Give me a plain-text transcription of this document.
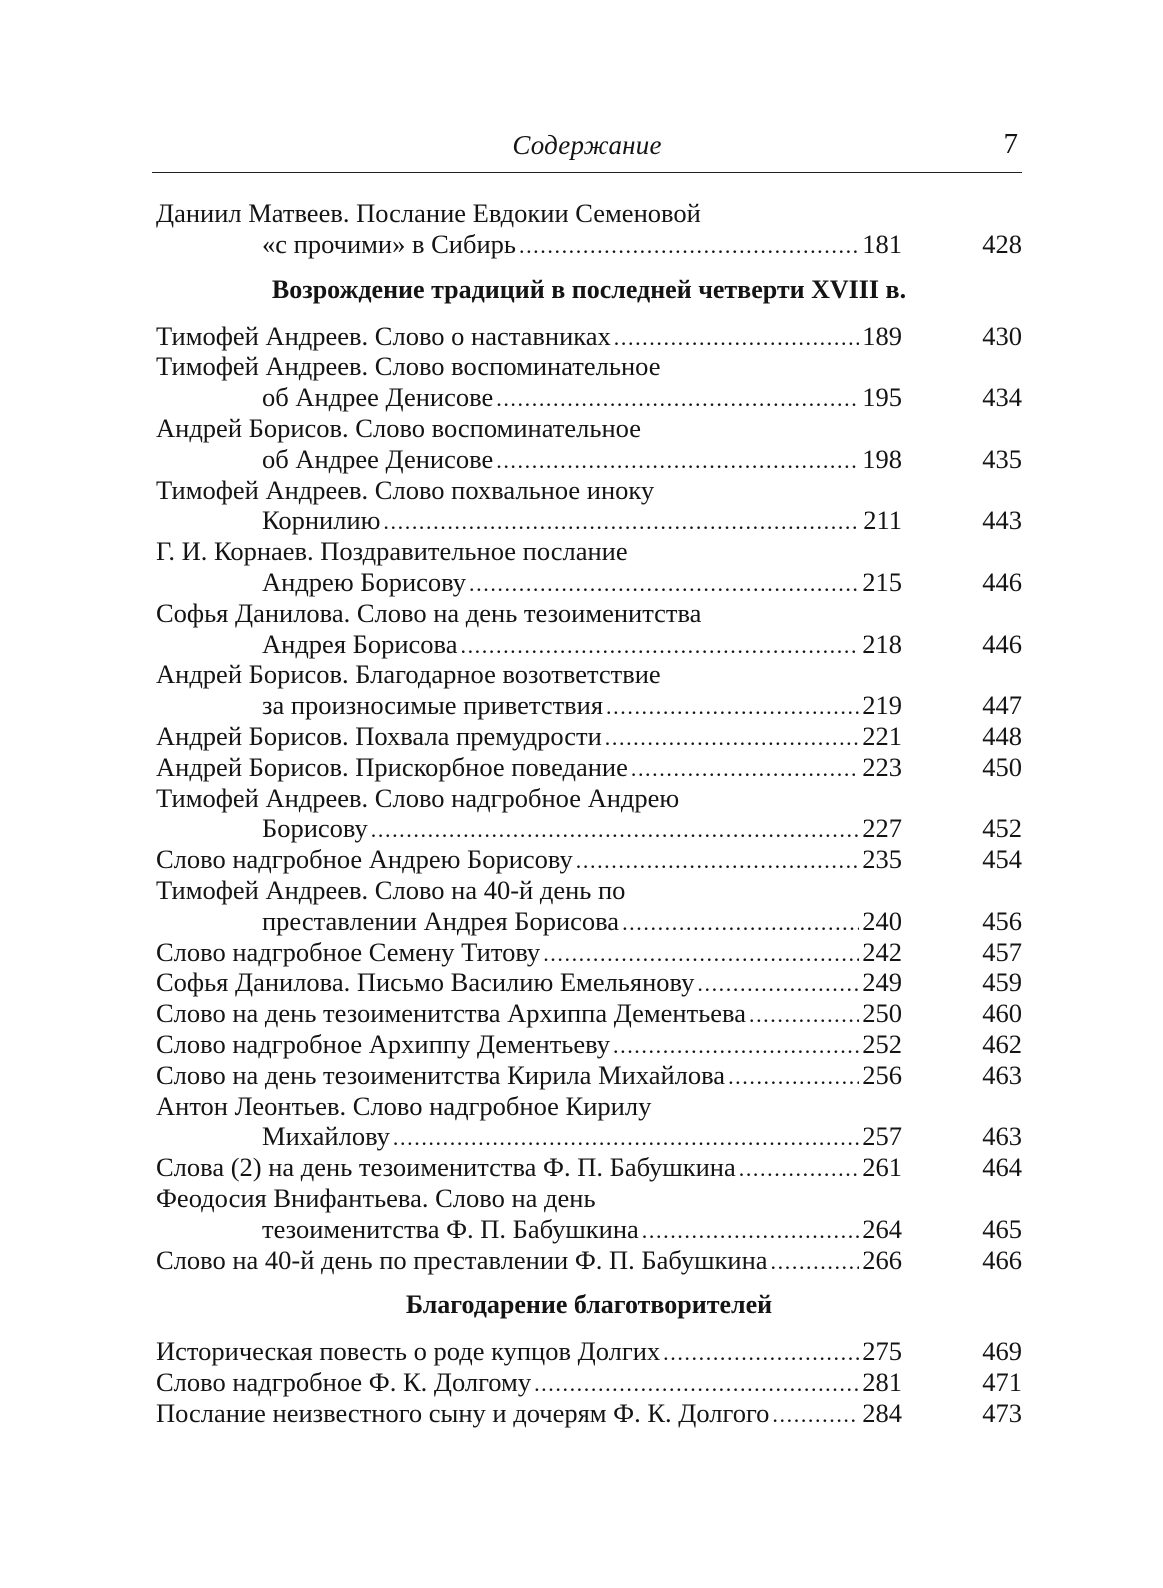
Содержание	7
Даниил Матвеев. Послание Евдокии Семеновой
«с прочими» в Сибирь .....	181	428
Возрождение традиций в последней четверти XVIII в.
Тимофей Андреев. Слово о наставниках .....	189	430
Тимофей Андреев. Слово воспоминательное
об Андрее Денисове .....	195	434
Андрей Борисов. Слово воспоминательное
об Андрее Денисове .....	198	435
Тимофей Андреев. Слово похвальное иноку
Корнилию .....	211	443
Г. И. Корнаев. Поздравительное послание
Андрею Борисову .....	215	446
Софья Данилова. Слово на день тезоименитства
Андрея Борисова .....	218	446
Андрей Борисов. Благодарное возответствие
за произносимые приветствия .....	219	447
Андрей Борисов. Похвала премудрости .....	221	448
Андрей Борисов. Прискорбное поведание .....	223	450
Тимофей Андреев. Слово надгробное Андрею
Борисову .....	227	452
Слово надгробное Андрею Борисову .....	235	454
Тимофей Андреев. Слово на 40-й день по
преставлении Андрея Борисова .....	240	456
Слово надгробное Семену Титову .....	242	457
Софья Данилова. Письмо Василию Емельянову .....	249	459
Слово на день тезоименитства Архиппа Дементьева .....	250	460
Слово надгробное Архиппу Дементьеву .....	252	462
Слово на день тезоименитства Кирила Михайлова .....	256	463
Антон Леонтьев. Слово надгробное Кирилу
Михайлову .....	257	463
Слова (2) на день тезоименитства Ф. П. Бабушкина .....	261	464
Феодосия Внифантьева. Слово на день
тезоименитства Ф. П. Бабушкина .....	264	465
Слово на 40-й день по преставлении Ф. П. Бабушкина .....	266	466
Благодарение благотворителей
Историческая повесть о роде купцов Долгих .....	275	469
Слово надгробное Ф. К. Долгому .....	281	471
Послание неизвестного сыну и дочерям Ф. К. Долгого .....	284	473
